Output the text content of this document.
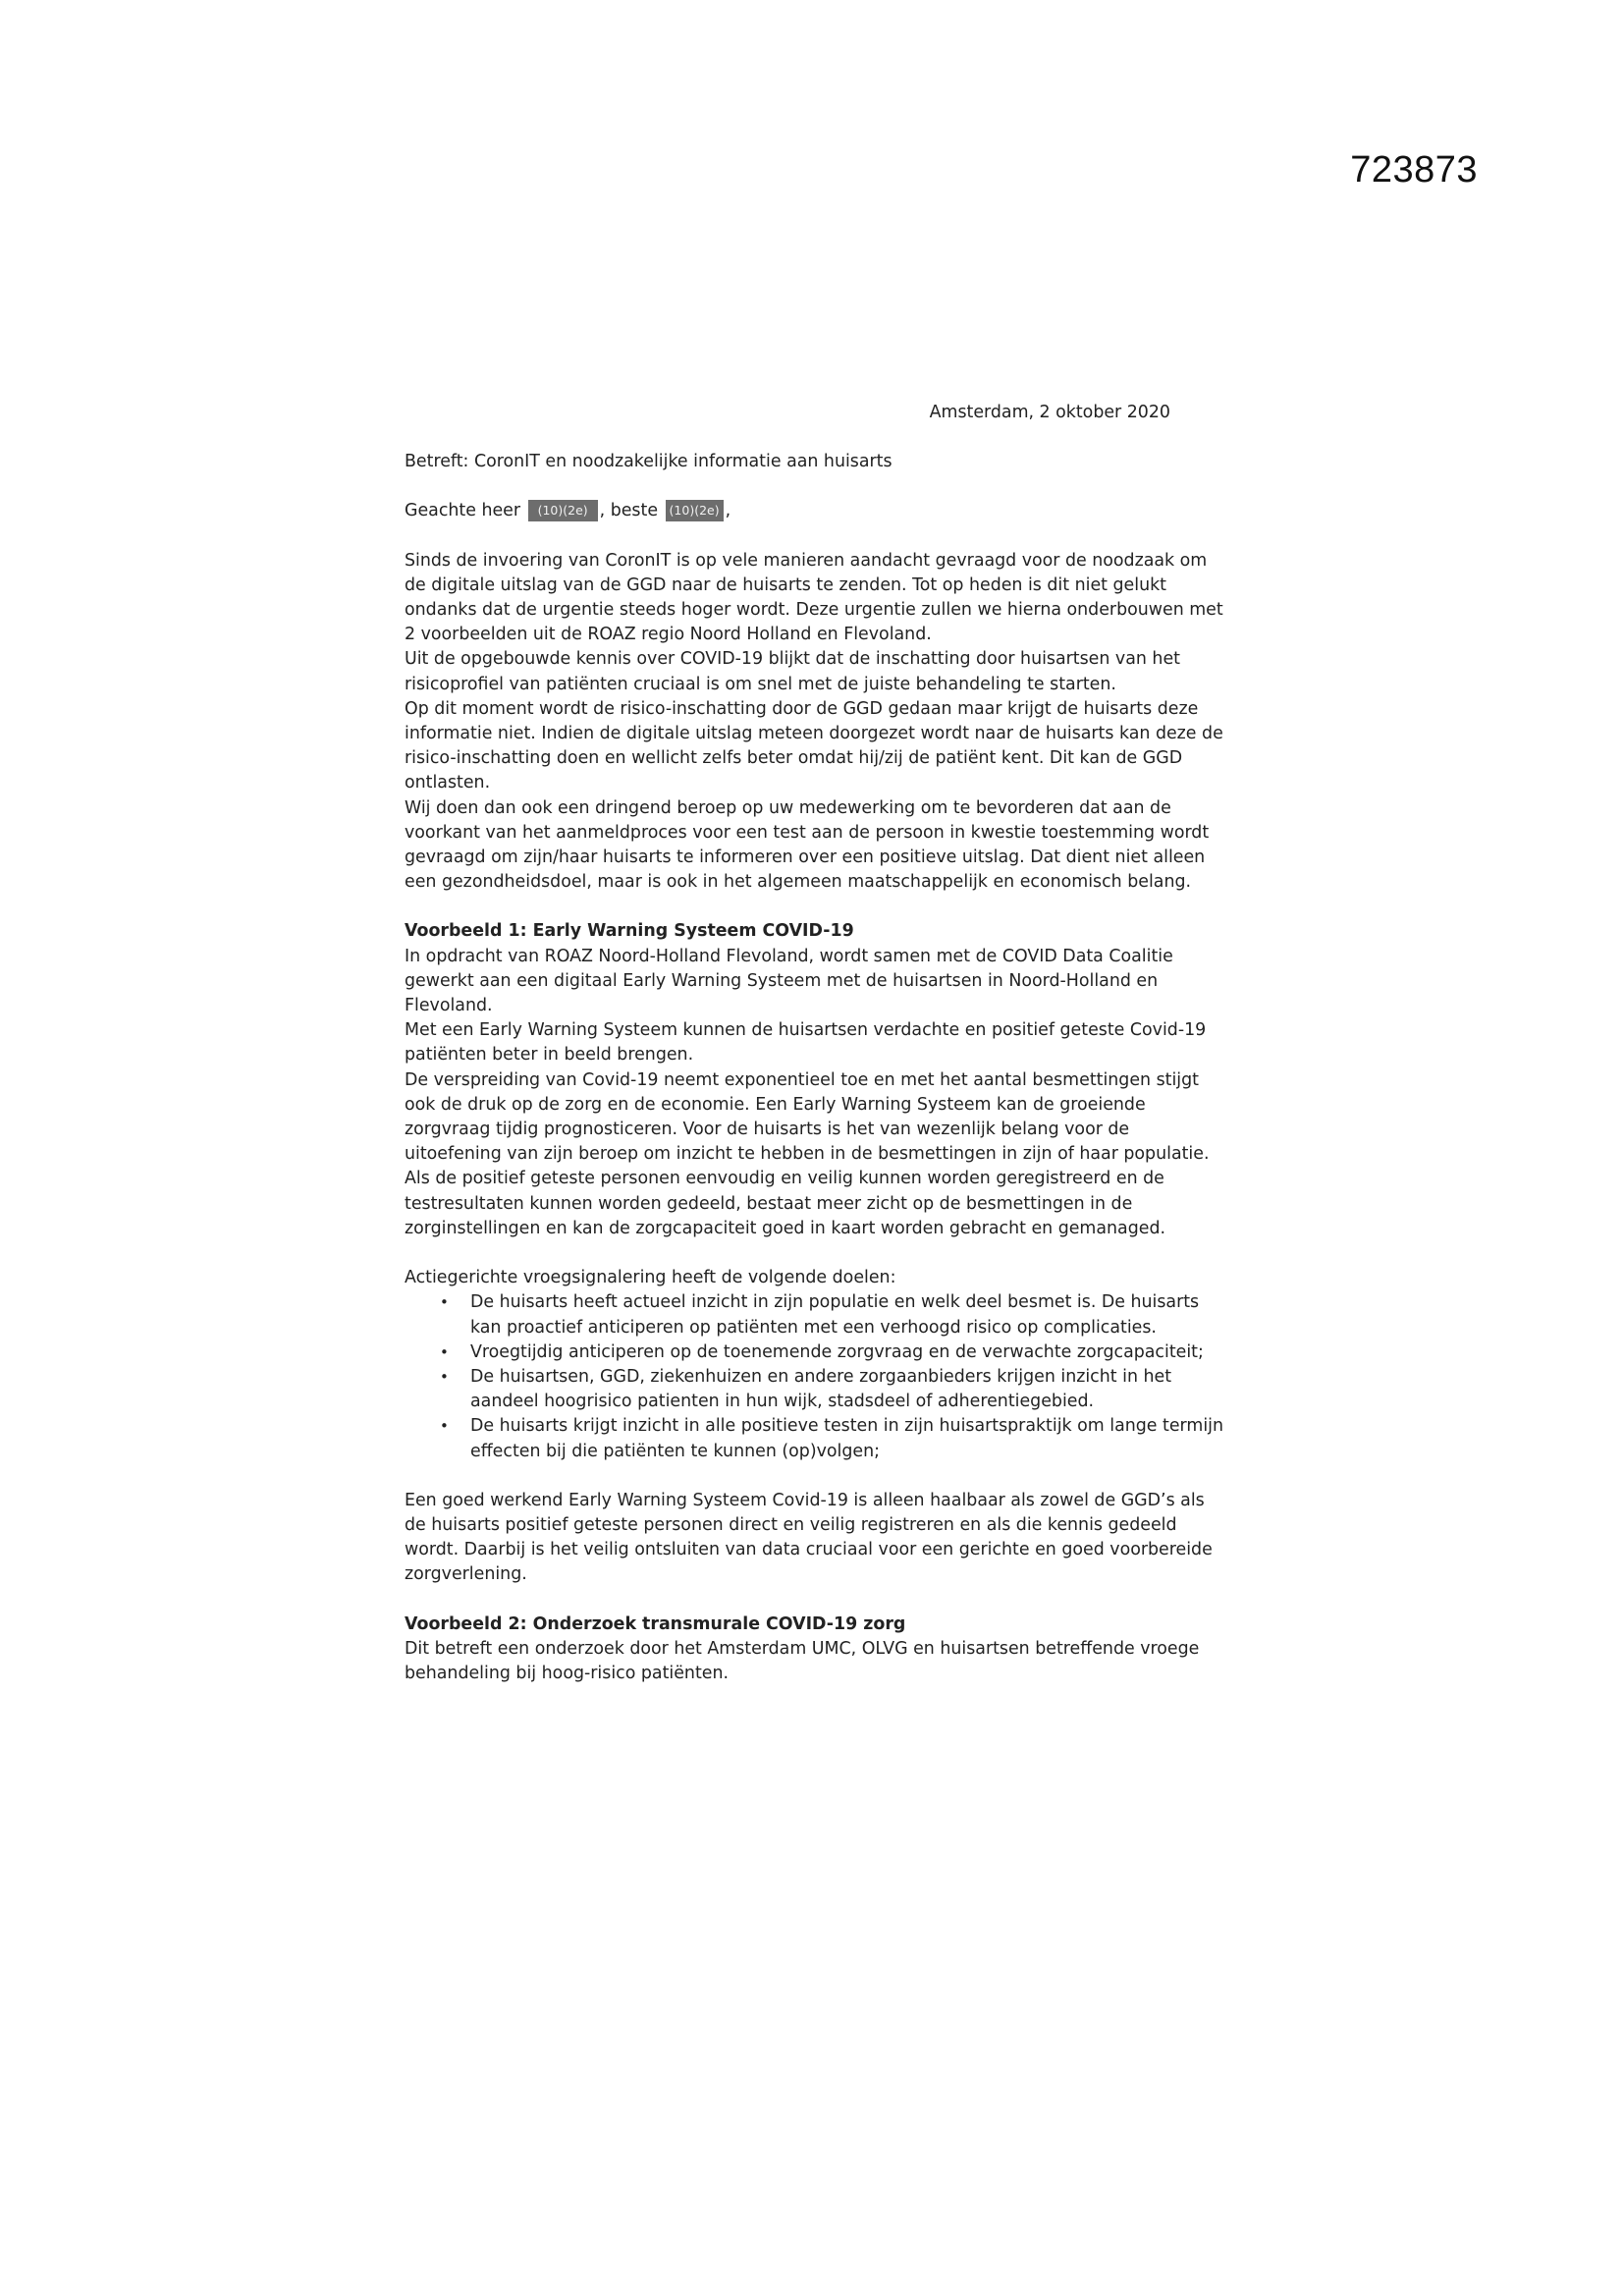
723873

Amsterdam, 2 oktober 2020

Betreft: CoronIT en noodzakelijke informatie aan huisarts

Geachte heer (10)(2e) , beste (10)(2e) ,

Sinds de invoering van CoronIT is op vele manieren aandacht gevraagd voor de noodzaak om de digitale uitslag van de GGD naar de huisarts te zenden. Tot op heden is dit niet gelukt ondanks dat de urgentie steeds hoger wordt. Deze urgentie zullen we hierna onderbouwen met 2 voorbeelden uit de ROAZ regio Noord Holland en Flevoland.

Uit de opgebouwde kennis over COVID-19 blijkt dat de inschatting door huisartsen van het risicoprofiel van patiënten cruciaal is om snel met de juiste behandeling te starten.

Op dit moment wordt de risico-inschatting door de GGD gedaan maar krijgt de huisarts deze informatie niet. Indien de digitale uitslag meteen doorgezet wordt naar de huisarts kan deze de risico-inschatting doen en wellicht zelfs beter omdat hij/zij de patiënt kent. Dit kan de GGD ontlasten.

Wij doen dan ook een dringend beroep op uw medewerking om te bevorderen dat aan de voorkant van het aanmeldproces voor een test aan de persoon in kwestie toestemming wordt gevraagd om zijn/haar huisarts te informeren over een positieve uitslag. Dat dient niet alleen een gezondheidsdoel, maar is ook in het algemeen maatschappelijk en economisch belang.

Voorbeeld 1: Early Warning Systeem COVID-19

In opdracht van ROAZ Noord-Holland Flevoland, wordt samen met de COVID Data Coalitie gewerkt aan een digitaal Early Warning Systeem met de huisartsen in Noord-Holland en Flevoland.

Met een Early Warning Systeem kunnen de huisartsen verdachte en positief geteste Covid-19 patiënten beter in beeld brengen.

De verspreiding van Covid-19 neemt exponentieel toe en met het aantal besmettingen stijgt ook de druk op de zorg en de economie. Een Early Warning Systeem kan de groeiende zorgvraag tijdig prognosticeren. Voor de huisarts is het van wezenlijk belang voor de uitoefening van zijn beroep om inzicht te hebben in de besmettingen in zijn of haar populatie. Als de positief geteste personen eenvoudig en veilig kunnen worden geregistreerd en de testresultaten kunnen worden gedeeld, bestaat meer zicht op de besmettingen in de zorginstellingen en kan de zorgcapaciteit goed in kaart worden gebracht en gemanaged.

Actiegerichte vroegsignalering heeft de volgende doelen:

• De huisarts heeft actueel inzicht in zijn populatie en welk deel besmet is. De huisarts kan proactief anticiperen op patiënten met een verhoogd risico op complicaties.
• Vroegtijdig anticiperen op de toenemende zorgvraag en de verwachte zorgcapaciteit;
• De huisartsen, GGD, ziekenhuizen en andere zorgaanbieders krijgen inzicht in het aandeel hoogrisico patienten in hun wijk, stadsdeel of adherentiegebied.
• De huisarts krijgt inzicht in alle positieve testen in zijn huisartspraktijk om lange termijn effecten bij die patiënten te kunnen (op)volgen;

Een goed werkend Early Warning Systeem Covid-19 is alleen haalbaar als zowel de GGD’s als de huisarts positief geteste personen direct en veilig registreren en als die kennis gedeeld wordt. Daarbij is het veilig ontsluiten van data cruciaal voor een gerichte en goed voorbereide zorgverlening.

Voorbeeld 2: Onderzoek transmurale COVID-19 zorg

Dit betreft een onderzoek door het Amsterdam UMC, OLVG en huisartsen betreffende vroege behandeling bij hoog-risico patiënten.
